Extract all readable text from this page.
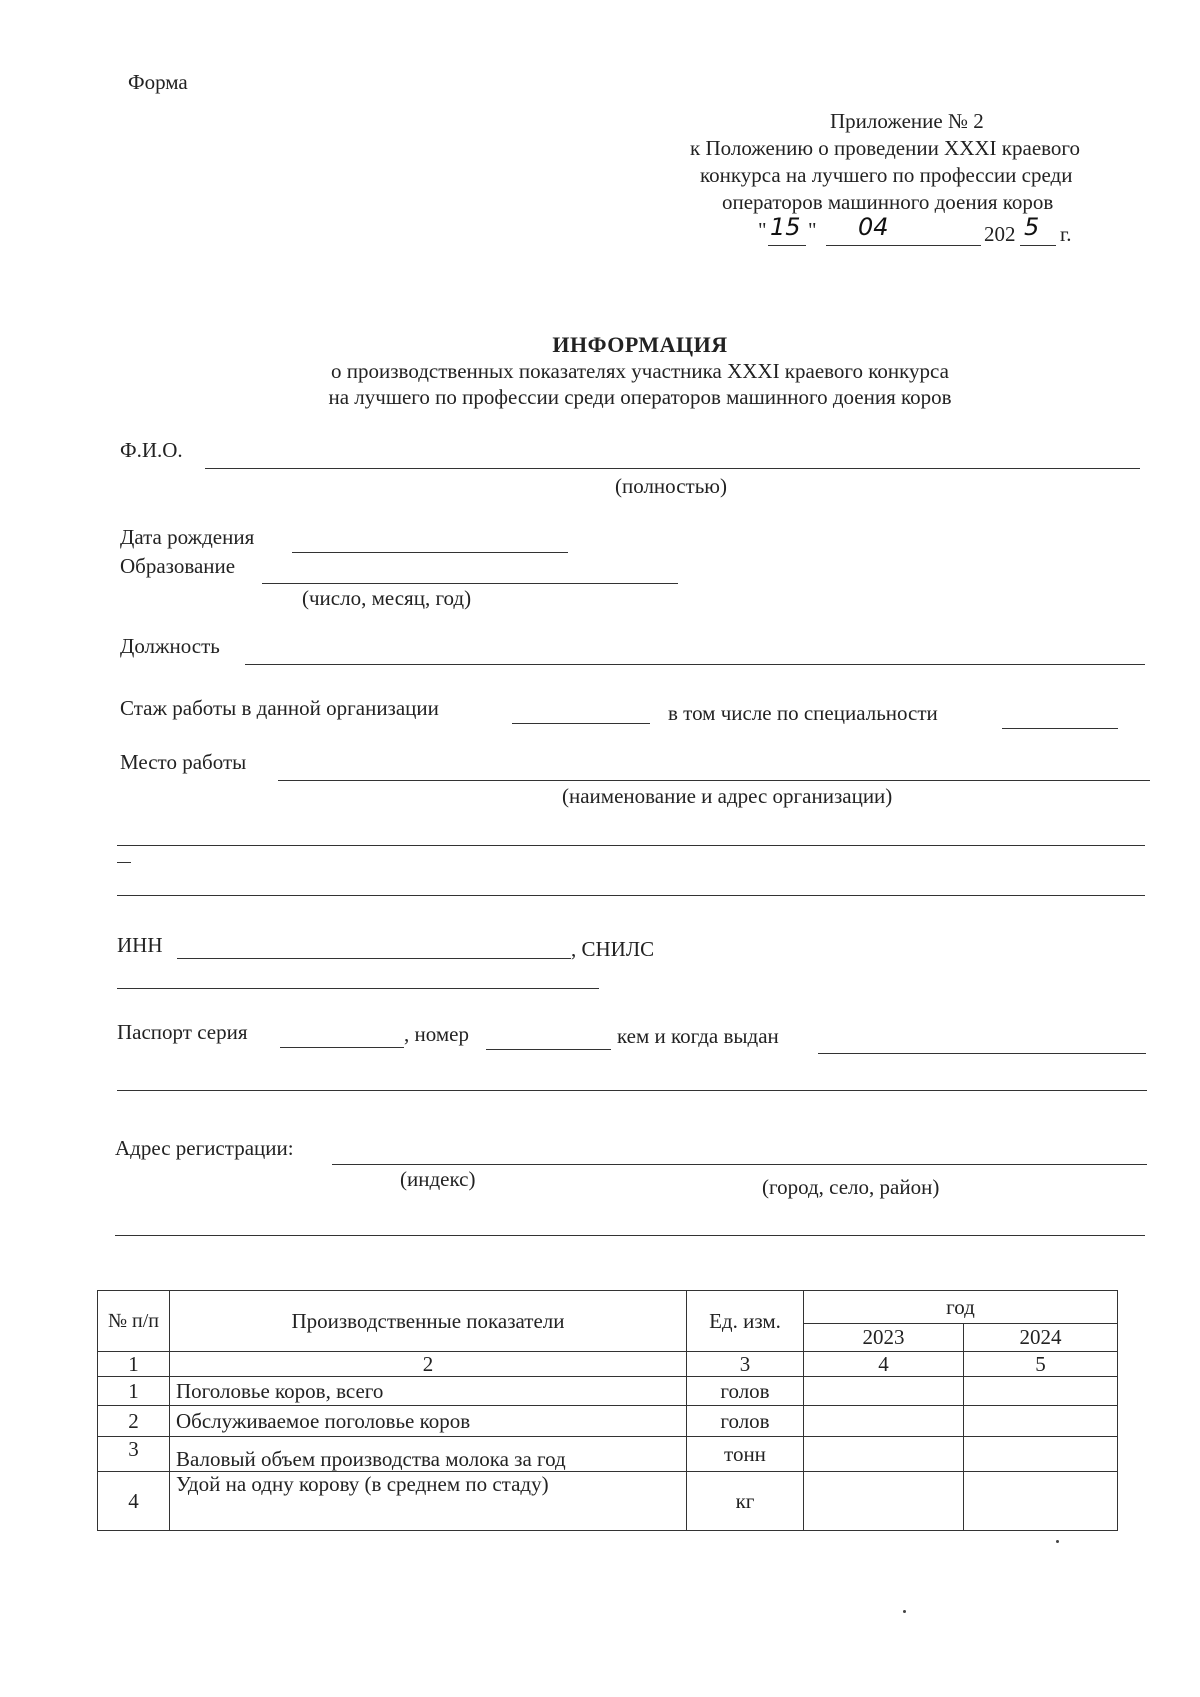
Форма
Приложение № 2
к Положению о проведении XXXI краевого
конкурса на лучшего по профессии среди
операторов машинного доения коров
" 15 " 04	202 5 г.
ИНФОРМАЦИЯ
о производственных показателях участника XXXI краевого конкурса
на лучшего по профессии среди операторов машинного доения коров
Ф.И.О.
(полностью)
Дата рождения
Образование
(число, месяц, год)
Должность
Стаж работы в данной организации	в том числе по специальности
Место работы
(наименование и адрес организации)
ИНН	, СНИЛС
Паспорт серия	, номер	кем и когда выдан
Адрес регистрации:
(индекс)	(город, село, район)
№ п/п	Производственные показатели	Ед. изм.	год	
			2023	2024
1	2	3	4	5
1	Поголовье коров, всего	голов		
2	Обслуживаемое поголовье коров	голов		
3	Валовый объем производства молока за год	тонн		
4	Удой на одну корову (в среднем по стаду)	кг		
